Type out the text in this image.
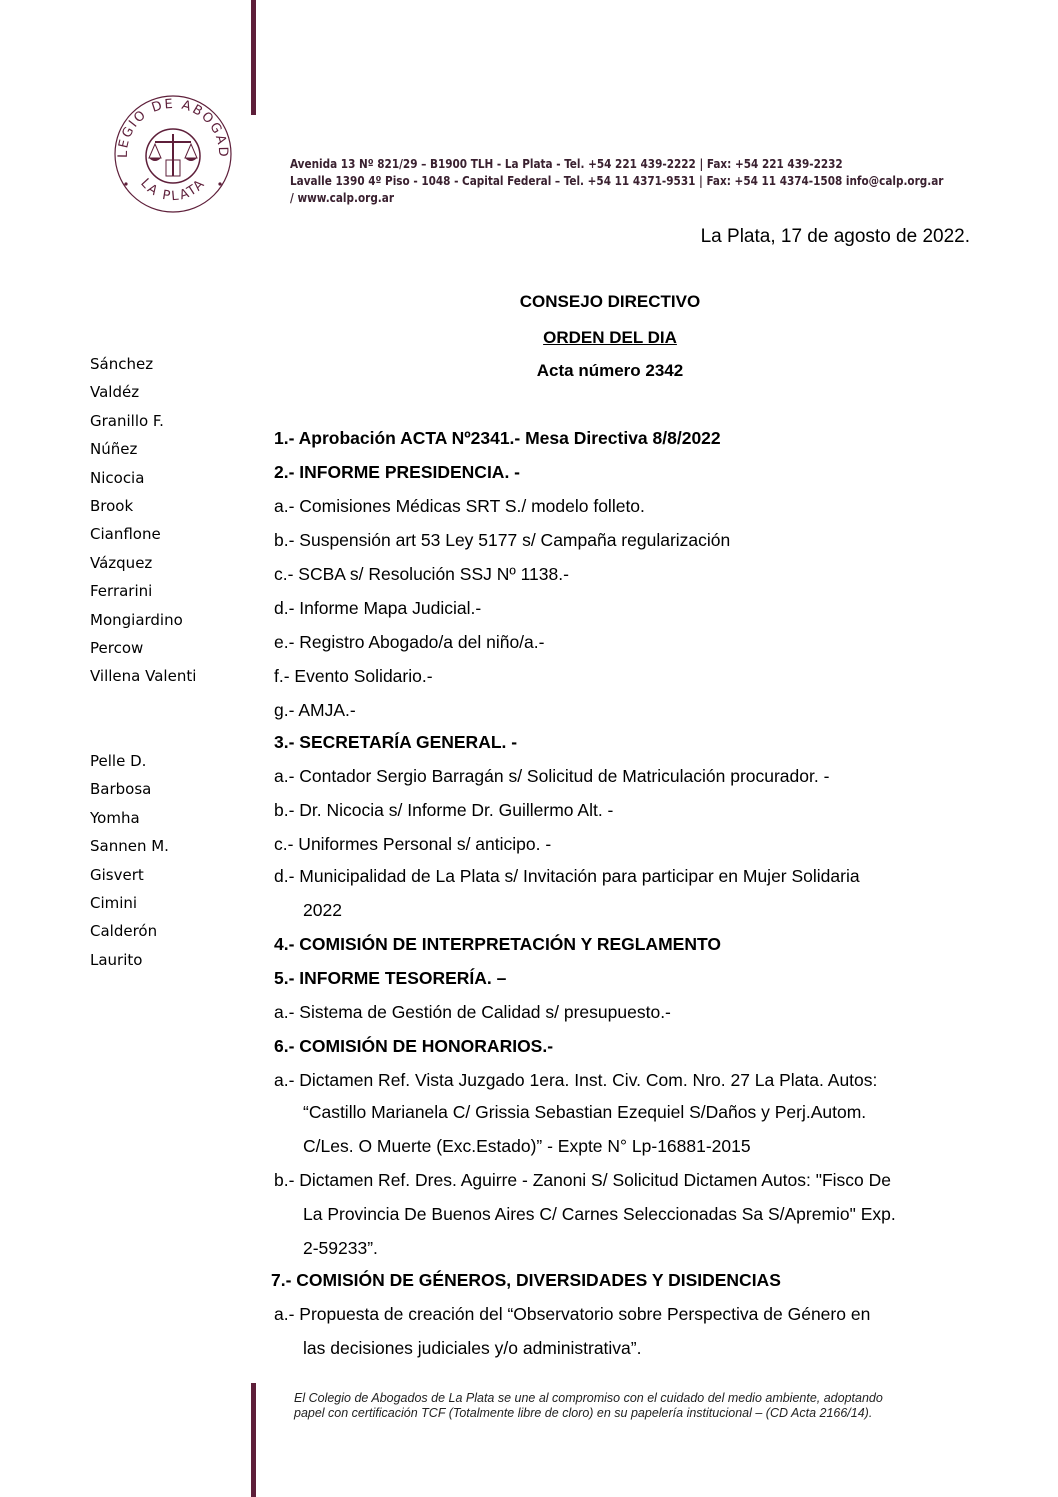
LEGIO DE ABOGAD
LA PLATA
Avenida 13 Nº 821/29 – B1900 TLH - La Plata - Tel. +54 221 439-2222 | Fax: +54 221 439-2232
Lavalle 1390 4º Piso - 1048 - Capital Federal – Tel. +54 11 4371-9531 | Fax: +54 11 4374-1508 info@calp.org.ar
/ www.calp.org.ar
La Plata, 17 de agosto de 2022.
CONSEJO DIRECTIVO
ORDEN DEL DIA
Acta número 2342
Sánchez
Valdéz
Granillo F.
Núñez
Nicocia
Brook
Cianflone
Vázquez
Ferrarini
Mongiardino
Percow
Villena Valenti
Pelle D.
Barbosa
Yomha
Sannen M.
Gisvert
Cimini
Calderón
Laurito
1.- Aprobación ACTA Nº2341.- Mesa Directiva 8/8/2022
2.- INFORME PRESIDENCIA. -
a.- Comisiones Médicas SRT S./ modelo folleto.
b.- Suspensión art 53 Ley 5177 s/ Campaña regularización
c.- SCBA s/ Resolución SSJ Nº 1138.-
d.- Informe Mapa Judicial.-
e.- Registro Abogado/a del niño/a.-
f.- Evento Solidario.-
g.- AMJA.-
3.- SECRETARÍA GENERAL. -
a.- Contador Sergio Barragán s/ Solicitud de Matriculación procurador. -
b.- Dr. Nicocia s/ Informe Dr. Guillermo Alt. -
c.- Uniformes Personal s/ anticipo. -
d.- Municipalidad de La Plata s/ Invitación para participar en Mujer Solidaria
2022
4.- COMISIÓN DE INTERPRETACIÓN Y REGLAMENTO
5.- INFORME TESORERÍA. –
a.- Sistema de Gestión de Calidad s/ presupuesto.-
6.- COMISIÓN DE HONORARIOS.-
a.- Dictamen Ref. Vista Juzgado 1era. Inst. Civ. Com. Nro. 27 La Plata. Autos:
“Castillo Marianela C/ Grissia Sebastian Ezequiel S/Daños y Perj.Autom.
C/Les. O Muerte (Exc.Estado)” - Expte N° Lp-16881-2015
b.- Dictamen Ref. Dres. Aguirre - Zanoni S/ Solicitud Dictamen Autos: "Fisco De
La Provincia De Buenos Aires C/ Carnes Seleccionadas Sa S/Apremio" Exp.
2-59233”.
7.- COMISIÓN DE GÉNEROS, DIVERSIDADES Y DISIDENCIAS
a.- Propuesta de creación del “Observatorio sobre Perspectiva de Género en
las decisiones judiciales y/o administrativa”.
El Colegio de Abogados de La Plata se une al compromiso con el cuidado del medio ambiente, adoptando
papel con certificación TCF (Totalmente libre de cloro) en su papelería institucional – (CD Acta 2166/14).
